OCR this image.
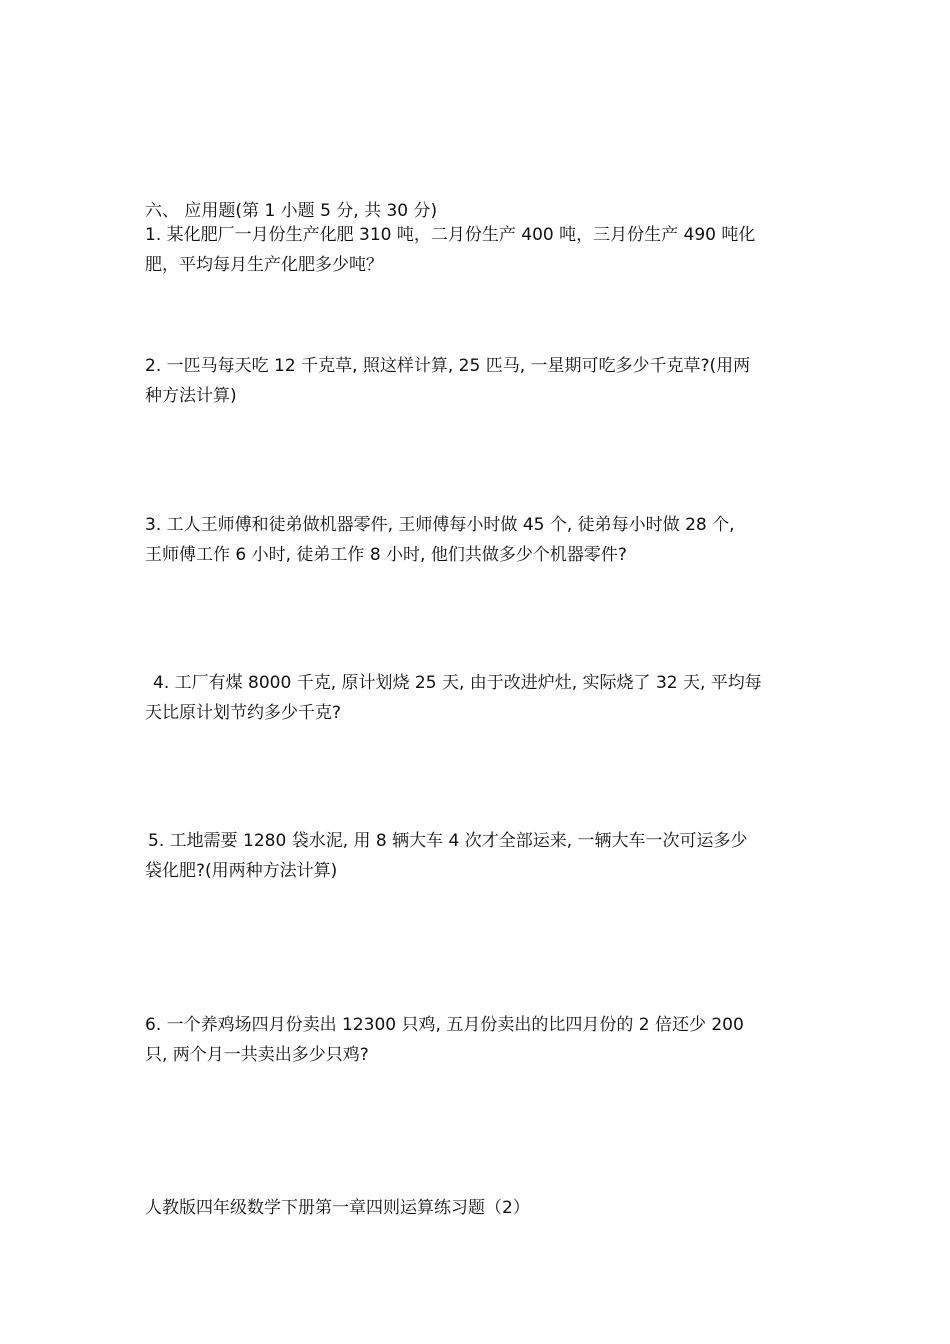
六、 应用题(第 1 小题 5 分, 共 30 分)

1. 某化肥厂一月份生产化肥 310 吨，二月份生产 400 吨，三月份生产 490 吨化

肥，平均每月生产化肥多少吨？

2. 一匹马每天吃 12 千克草, 照这样计算, 25 匹马, 一星期可吃多少千克草?(用两

种方法计算)

3. 工人王师傅和徒弟做机器零件, 王师傅每小时做 45 个, 徒弟每小时做 28 个,

王师傅工作 6 小时, 徒弟工作 8 小时, 他们共做多少个机器零件?

4. 工厂有煤 8000 千克, 原计划烧 25 天, 由于改进炉灶, 实际烧了 32 天, 平均每

天比原计划节约多少千克?

5. 工地需要 1280 袋水泥, 用 8 辆大车 4 次才全部运来, 一辆大车一次可运多少

袋化肥?(用两种方法计算)

6. 一个养鸡场四月份卖出 12300 只鸡, 五月份卖出的比四月份的 2 倍还少 200

只, 两个月一共卖出多少只鸡?

人教版四年级数学下册第一章四则运算练习题（2）
